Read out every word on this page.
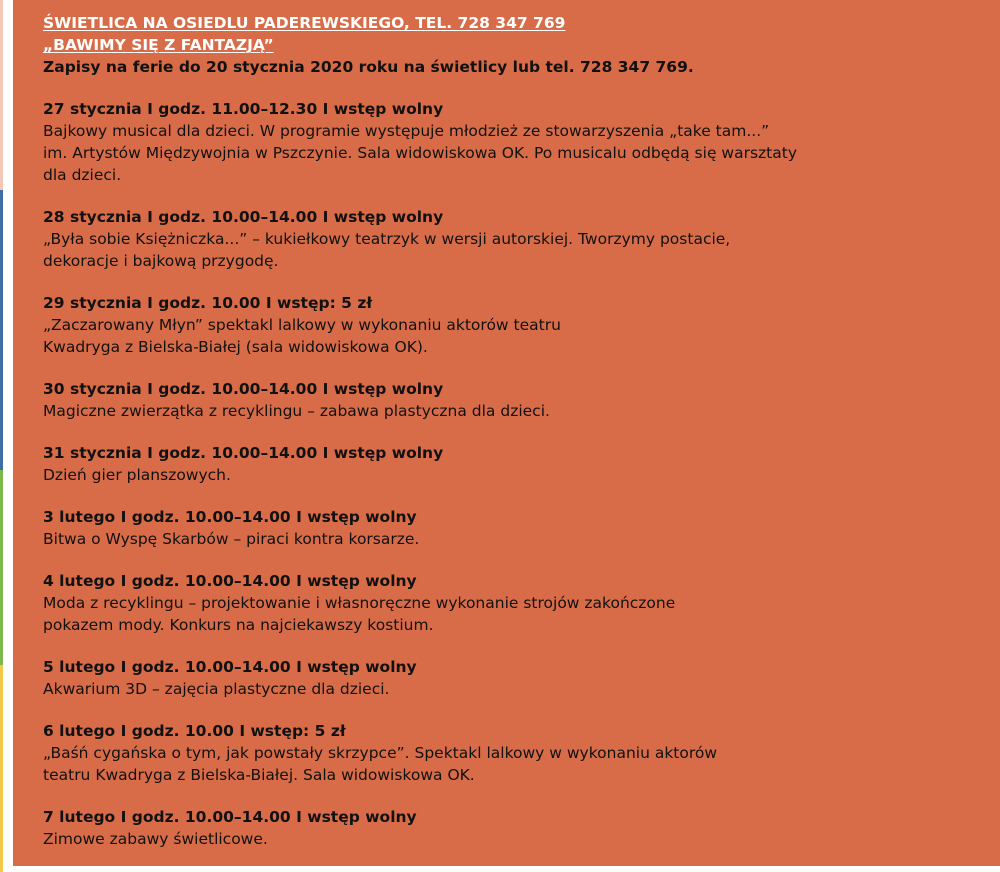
ŚWIETLICA NA OSIEDLU PADEREWSKIEGO, TEL. 728 347 769
„BAWIMY SIĘ Z FANTAZJĄ”
Zapisy na ferie do 20 stycznia 2020 roku na świetlicy lub tel. 728 347 769.
27 stycznia I godz. 11.00–12.30 I wstęp wolny
Bajkowy musical dla dzieci. W programie występuje młodzież ze stowarzyszenia „take tam...”
im. Artystów Międzywojnia w Pszczynie. Sala widowiskowa OK. Po musicalu odbędą się warsztaty
dla dzieci.
28 stycznia I godz. 10.00–14.00 I wstęp wolny
„Była sobie Księżniczka...” – kukiełkowy teatrzyk w wersji autorskiej. Tworzymy postacie,
dekoracje i bajkową przygodę.
29 stycznia I godz. 10.00 I wstęp: 5 zł
„Zaczarowany Młyn” spektakl lalkowy w wykonaniu aktorów teatru
Kwadryga z Bielska-Białej (sala widowiskowa OK).
30 stycznia I godz. 10.00–14.00 I wstęp wolny
Magiczne zwierzątka z recyklingu – zabawa plastyczna dla dzieci.
31 stycznia I godz. 10.00–14.00 I wstęp wolny
Dzień gier planszowych.
3 lutego I godz. 10.00–14.00 I wstęp wolny
Bitwa o Wyspę Skarbów – piraci kontra korsarze.
4 lutego I godz. 10.00–14.00 I wstęp wolny
Moda z recyklingu – projektowanie i własnoręczne wykonanie strojów zakończone
pokazem mody. Konkurs na najciekawszy kostium.
5 lutego I godz. 10.00–14.00 I wstęp wolny
Akwarium 3D – zajęcia plastyczne dla dzieci.
6 lutego I godz. 10.00 I wstęp: 5 zł
„Baśń cygańska o tym, jak powstały skrzypce”. Spektakl lalkowy w wykonaniu aktorów
teatru Kwadryga z Bielska-Białej. Sala widowiskowa OK.
7 lutego I godz. 10.00–14.00 I wstęp wolny
Zimowe zabawy świetlicowe.
